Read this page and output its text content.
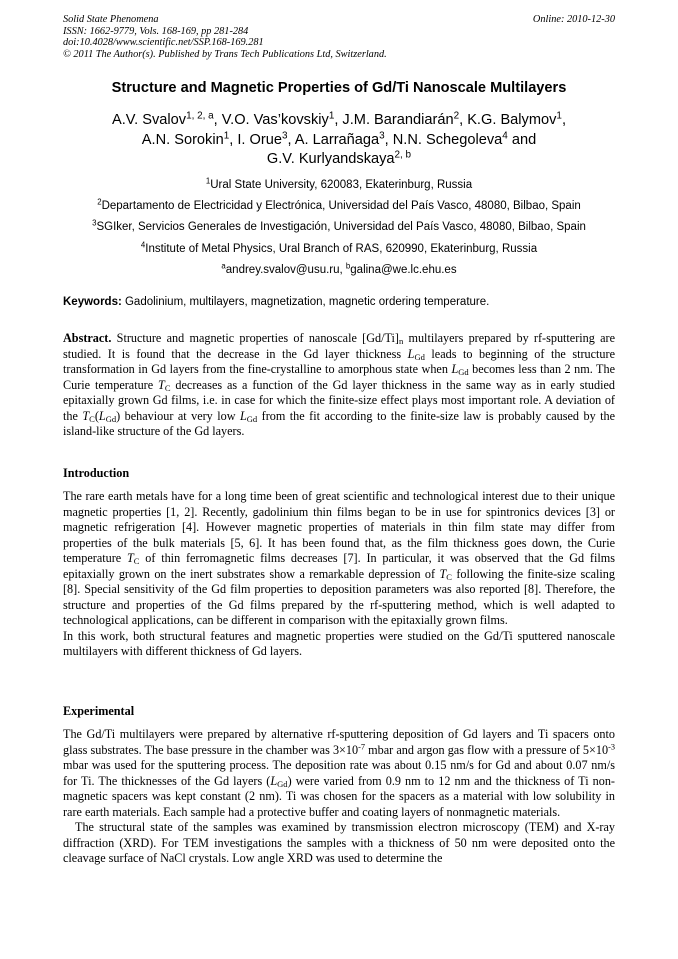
Solid State Phenomena	Online: 2010-12-30
ISSN: 1662-9779, Vols. 168-169, pp 281-284
doi:10.4028/www.scientific.net/SSP.168-169.281
© 2011 The Author(s). Published by Trans Tech Publications Ltd, Switzerland.
Structure and Magnetic Properties of Gd/Ti Nanoscale Multilayers
A.V. Svalov$^{1, 2, a}$, V.O. Vas’kovskiy$^1$, J.M. Barandiarán$^2$, K.G. Balymov$^1$,
A.N. Sorokin$^1$, I. Orue$^3$, A. Larrañaga$^3$, N.N. Schegoleva$^4$ and
G.V. Kurlyandskaya$^{2, b}$
$^1$Ural State University, 620083, Ekaterinburg, Russia
$^2$Departamento de Electricidad y Electrónica, Universidad del País Vasco, 48080, Bilbao, Spain
$^3$SGIker, Servicios Generales de Investigación, Universidad del País Vasco, 48080, Bilbao, Spain
$^4$Institute of Metal Physics, Ural Branch of RAS, 620990, Ekaterinburg, Russia
$^a$andrey.svalov@usu.ru, $^b$galina@we.lc.ehu.es
Keywords: Gadolinium, multilayers, magnetization, magnetic ordering temperature.

Abstract. Structure and magnetic properties of nanoscale $[Gd/Ti]_n$ multilayers prepared by rf-sputtering are studied. It is found that the decrease in the Gd layer thickness $L_{Gd}$ leads to beginning of the structure transformation in Gd layers from the fine-crystalline to amorphous state when $L_{Gd}$ becomes less than 2 nm. The Curie temperature $T_C$ decreases as a function of the Gd layer thickness in the same way as in early studied epitaxially grown Gd films, i.e. in case for which the finite-size effect plays most important role. A deviation of the $T_C(L_{Gd})$ behaviour at very low $L_{Gd}$ from the fit according to the finite-size law is probably caused by the island-like structure of the Gd layers.

Introduction

The rare earth metals have for a long time been of great scientific and technological interest due to their unique magnetic properties [1, 2]. Recently, gadolinium thin films began to be in use for spintronics devices [3] or magnetic refrigeration [4]. However magnetic properties of materials in thin film state may differ from properties of the bulk materials [5, 6]. It has been found that, as the film thickness goes down, the Curie temperature $T_C$ of thin ferromagnetic films decreases [7]. In particular, it was observed that the Gd films epitaxially grown on the inert substrates show a remarkable depression of $T_C$ following the finite-size scaling [8]. Special sensitivity of the Gd film properties to deposition parameters was also reported [8]. Therefore, the structure and properties of the Gd films prepared by the rf-sputtering method, which is well adapted to technological applications, can be different in comparison with the epitaxially grown films.

In this work, both structural features and magnetic properties were studied on the Gd/Ti sputtered nanoscale multilayers with different thickness of Gd layers.

Experimental

The Gd/Ti multilayers were prepared by alternative rf-sputtering deposition of Gd layers and Ti spacers onto glass substrates. The base pressure in the chamber was $3\times 10^{-7}$ mbar and argon gas flow with a pressure of $5\times 10^{-3}$ mbar was used for the sputtering process. The deposition rate was about 0.15 nm/s for Gd and about 0.07 nm/s for Ti. The thicknesses of the Gd layers $(L_{Gd})$ were varied from 0.9 nm to 12 nm and the thickness of Ti non-magnetic spacers was kept constant (2 nm). Ti was chosen for the spacers as a material with low solubility in rare earth materials. Each sample had a protective buffer and coating layers of nonmagnetic materials.

The structural state of the samples was examined by transmission electron microscopy (TEM) and X-ray diffraction (XRD). For TEM investigations the samples with a thickness of 50 nm were deposited onto the cleavage surface of NaCl crystals. Low angle XRD was used to determine the
